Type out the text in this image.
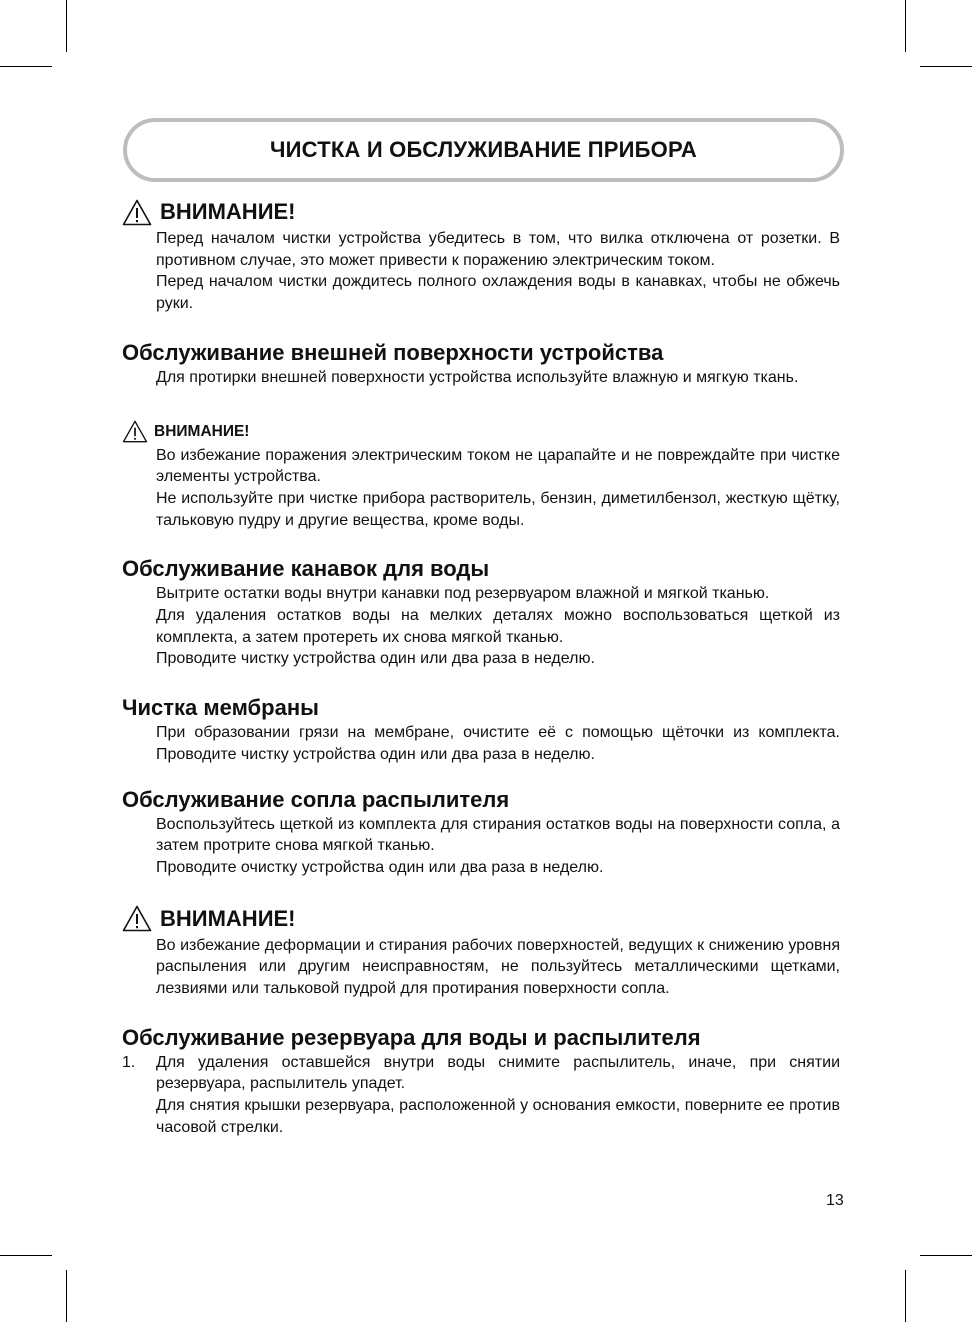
ЧИСТКА И ОБСЛУЖИВАНИЕ ПРИБОРА
ВНИМАНИЕ!

Перед началом чистки устройства убедитесь в том, что вилка отключена от розетки. В противном случае, это может привести к поражению электрическим током.

Перед началом чистки дождитесь полного охлаждения воды в канавках, чтобы не обжечь руки.

Обслуживание внешней поверхности устройства

Для протирки внешней поверхности устройства используйте влажную и мягкую ткань.

ВНИМАНИЕ!

Во избежание поражения электрическим током не царапайте и не повреждайте при чистке элементы устройства.

Не используйте при чистке прибора растворитель, бензин, диметилбензол, жесткую щётку, тальковую пудру и другие вещества, кроме воды.

Обслуживание канавок для воды

Вытрите остатки воды внутри канавки под резервуаром влажной и мягкой тканью.

Для удаления остатков воды на мелких деталях можно воспользоваться щеткой из комплекта, а затем протереть их снова мягкой тканью.

Проводите чистку устройства один или два раза в неделю.

Чистка мембраны

При образовании грязи на мембране, очистите её с помощью щёточки из комплекта. Проводите чистку устройства один или два раза в неделю.

Обслуживание сопла распылителя

Воспользуйтесь щеткой из комплекта для стирания остатков воды на поверхности сопла, а затем протрите снова мягкой тканью.

Проводите очистку устройства один или два раза в неделю.

ВНИМАНИЕ!

Во избежание деформации и стирания рабочих поверхностей, ведущих к снижению уровня распыления или другим неисправностям, не пользуйтесь металлическими щетками, лезвиями или тальковой пудрой для протирания поверхности сопла.

Обслуживание резервуара для воды и распылителя
1.	Для удаления оставшейся внутри воды снимите распылитель, иначе, при снятии резервуара, распылитель упадет.

Для снятия крышки резервуара, расположенной у основания емкости, поверните ее против часовой стрелки.

13
